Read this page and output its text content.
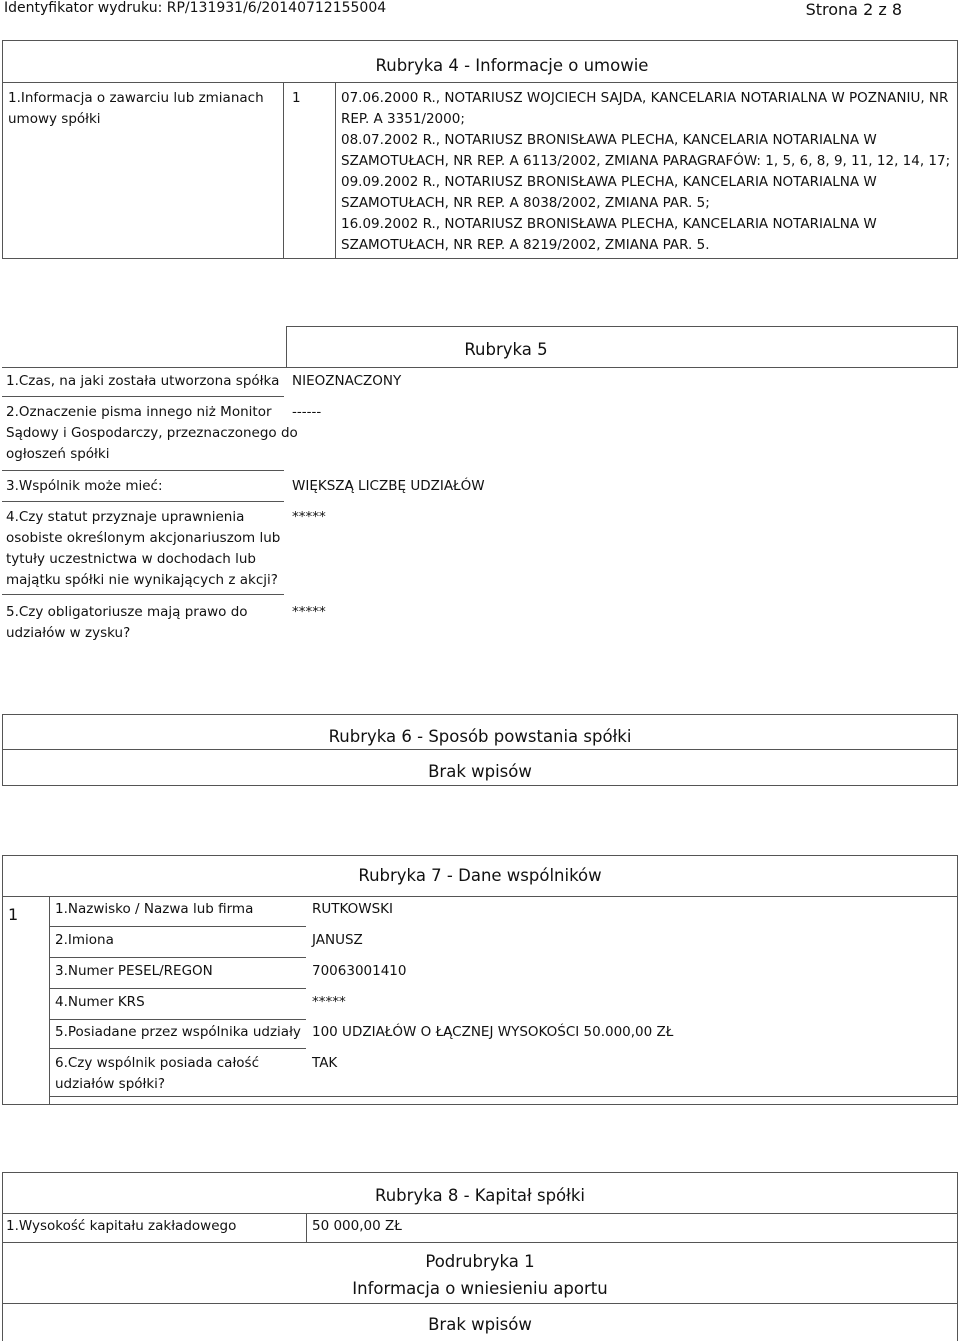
Identyfikator wydruku: RP/131931/6/20140712155004	Strona 2 z 8
Rubryka 4 - Informacje o umowie
1.Informacja o zawarciu lub zmianach
umowy spółki
1	07.06.2000 R., NOTARIUSZ WOJCIECH SAJDA, KANCELARIA NOTARIALNA W POZNANIU, NR
REP. A 3351/2000;
08.07.2002 R., NOTARIUSZ BRONISŁAWA PLECHA, KANCELARIA NOTARIALNA W
SZAMOTUŁACH, NR REP. A 6113/2002, ZMIANA PARAGRAFÓW: 1, 5, 6, 8, 9, 11, 12, 14, 17;
09.09.2002 R., NOTARIUSZ BRONISŁAWA PLECHA, KANCELARIA NOTARIALNA W
SZAMOTUŁACH, NR REP. A 8038/2002, ZMIANA PAR. 5;
16.09.2002 R., NOTARIUSZ BRONISŁAWA PLECHA, KANCELARIA NOTARIALNA W
SZAMOTUŁACH, NR REP. A 8219/2002, ZMIANA PAR. 5.
Rubryka 5
1.Czas, na jaki została utworzona spółka NIEOZNACZONY
2.Oznaczenie pisma innego niż Monitor
Sądowy i Gospodarczy, przeznaczonego do
ogłoszeń spółki
------
3.Wspólnik może mieć:	WIĘKSZĄ LICZBĘ UDZIAŁÓW
4.Czy statut przyznaje uprawnienia
osobiste określonym akcjonariuszom lub
tytuły uczestnictwa w dochodach lub
majątku spółki nie wynikających z akcji?
*****
5.Czy obligatoriusze mają prawo do
udziałów w zysku?
*****
Rubryka 6 - Sposób powstania spółki
Brak wpisów
Rubryka 7 - Dane wspólników
1	1.Nazwisko / Nazwa lub firma	RUTKOWSKI
2.Imiona	JANUSZ
3.Numer PESEL/REGON	70063001410
4.Numer KRS	*****
5.Posiadane przez wspólnika udziały 100 UDZIAŁÓW O ŁĄCZNEJ WYSOKOŚCI 50.000,00 ZŁ
6.Czy wspólnik posiada całość
udziałów spółki?
TAK
Rubryka 8 - Kapitał spółki
1.Wysokość kapitału zakładowego	50 000,00 ZŁ
Podrubryka 1
Informacja o wniesieniu aportu
Brak wpisów
